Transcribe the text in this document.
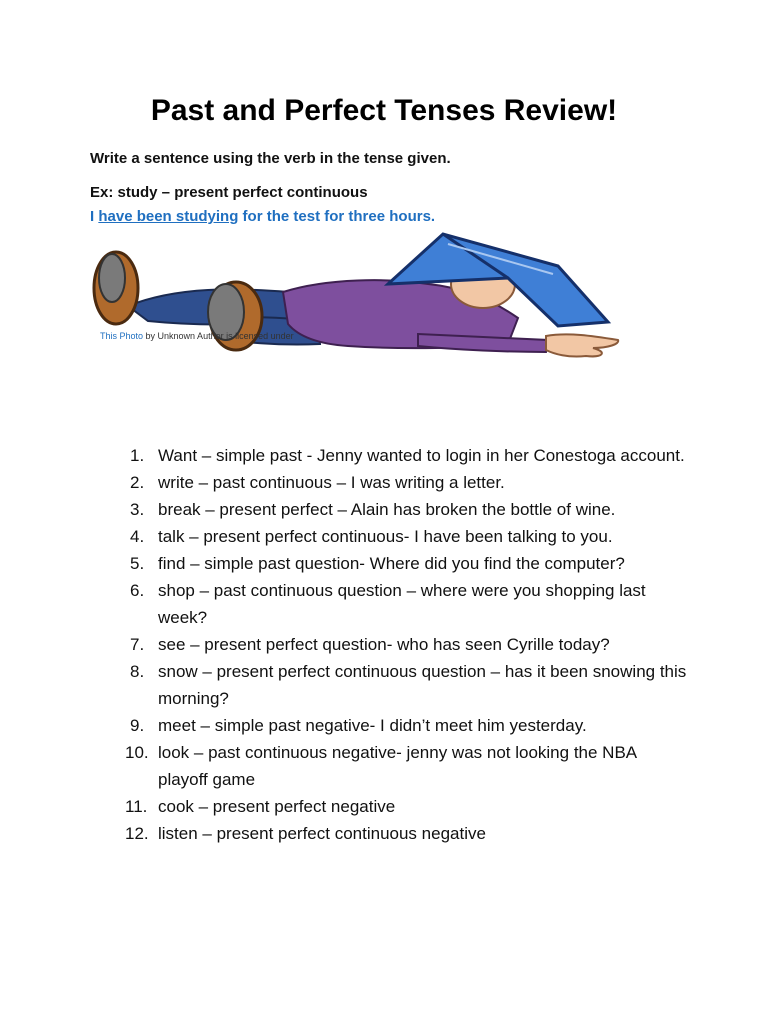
Past and Perfect Tenses Review!
Write a sentence using the verb in the tense given.
Ex: study – present perfect continuous
I have been studying for the test for three hours.
This Photo by Unknown Author is licensed under
1. Want – simple past - Jenny wanted to login in her Conestoga account.
2. write – past continuous – I was writing a letter.
3. break – present perfect – Alain has broken the bottle of wine.
4. talk – present perfect continuous- I have been talking to you.
5. find – simple past question- Where did you find the computer?
6. shop – past continuous question – where were you shopping last week?
7. see – present perfect question- who has seen Cyrille today?
8. snow – present perfect continuous question – has it been snowing this morning?
9. meet – simple past negative- I didn’t meet him yesterday.
10. look – past continuous negative- jenny was not looking the NBA playoff game
11. cook – present perfect negative
12. listen – present perfect continuous negative
